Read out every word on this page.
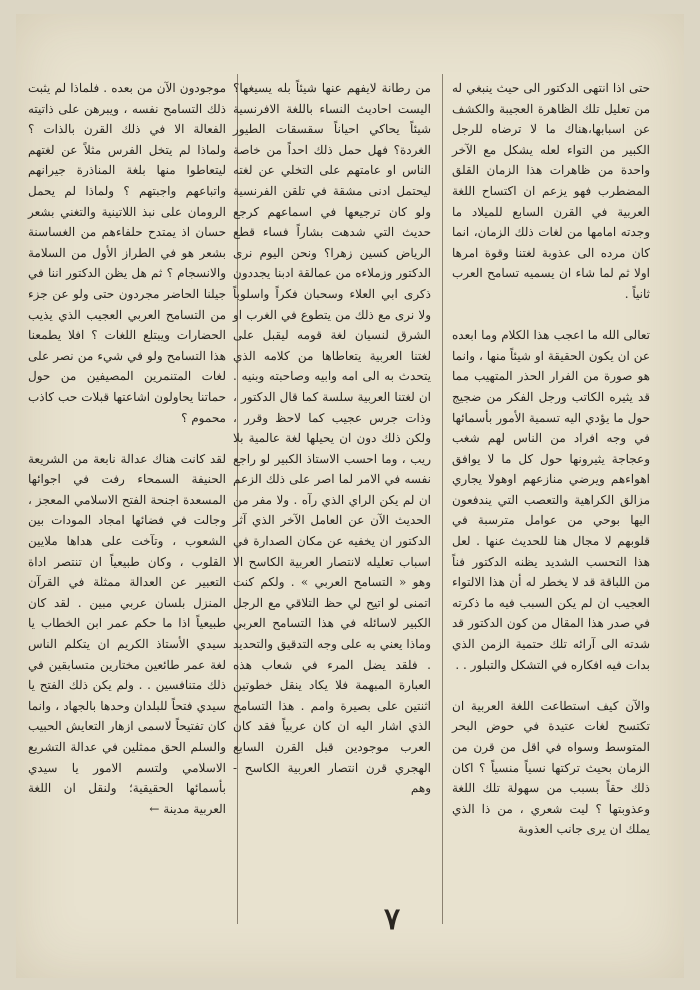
حتى اذا انتهى الدكتور الى حيث ينبغي له من تعليل تلك الظاهرة العجيبة والكشف عن اسبابها،هناك ما لا ترضاه للرجل الكبير من التواء لعله يشكل مع الآخر واحدة من ظاهرات هذا الزمان القلق المضطرب فهو يزعم ان اكتساح اللغة العربية في القرن السابع للميلاد ما وجدته امامها من لغات ذلك الزمان، انما كان مرده الى عذوبة لغتنا وقوة امرها اولا ثم لما شاء ان يسميه تسامح العرب ثانياً .

تعالى الله ما اعجب هذا الكلام وما ابعده عن ان يكون الحقيقة او شيئاً منها ، وانما هو صورة من الفرار الحذر المتهيب مما قد يثيره الكاتب ورجل الفكر من ضجيج حول ما يؤدي اليه تسمية الأمور بأسمائها في وجه افراد من الناس لهم شغب وعجاجة يثيرونها حول كل ما لا يوافق اهواءهم ويرضي منازعهم اوهولا يجاري مزالق الكراهية والتعصب التي يندفعون اليها بوحي من عوامل مترسبة في قلوبهم لا مجال هنا للحديث عنها . لعل هذا التحسب الشديد يظنه الدكتور فناً من اللباقة قد لا يخطر له أن هذا الالتواء العجيب ان لم يكن السبب فيه ما ذكرته في صدر هذا المقال من كون الدكتور قد شدته الى آرائه تلك حتمية الزمن الذي بدات فيه افكاره في التشكل والتبلور . .

والآن كيف استطاعت اللغة العربية ان تكتسح لغات عتيدة في حوض البحر المتوسط وسواه في اقل من قرن من الزمان بحيث تركتها نسياً منسياً ؟ اكان ذلك حقاً بسبب من سهولة تلك اللغة وعذوبتها ؟ ليت شعري ، من ذا الذي يملك ان يرى جانب العذوبة
من رطانة لايفهم عنها شيئاً بله يسيغها؟ اليست احاديث النساء باللغة الافرنسية شيئاً يحاكي احياناً سقسقات الطيور الغردة؟ فهل حمل ذلك احداً من خاصة الناس او عامتهم على التخلي عن لغته ليحتمل ادنى مشقة في تلقن الفرنسية ولو كان ترجيعها في اسماعهم كرجع حديث التي شدهت بشاراً فساء قطع الرياض كسين زهرا؟ ونحن اليوم نرى الدكتور وزملاءه من عمالقة ادبنا يجددون ذكرى ابي العلاء وسحبان فكراً واسلوباً ولا نرى مع ذلك من يتطوع في الغرب او الشرق لنسيان لغة قومه ليقبل على لغتنا العربية يتعاطاها من كلامه الذي يتحدث به الى امه وابيه وصاحبته وبنيه . ان لغتنا العربية سلسة كما قال الدكتور ، وذات جرس عجيب كما لاحظ وقرر ، ولكن ذلك دون ان يحيلها لغة عالمية بلا ريب ، وما احسب الاستاذ الكبير لو راجع نفسه في الامر لما اصر على ذلك الزعم ان لم يكن الراي الذي رآه . ولا مفر من الحديث الآن عن العامل الآخر الذي آثر الدكتور ان يخفيه عن مكان الصدارة في اسباب تعليله لانتصار العربية الكاسح الا وهو « التسامح العربي » . ولكم كنت اتمنى لو اتيح لي حظ التلاقي مع الرجل الكبير لاسائله في هذا التسامح العربي وماذا يعني به على وجه التدقيق والتحديد . فلقد يضل المرء في شعاب هذه العبارة المبهمة فلا يكاد ينقل خطوتين اثنتين على بصيرة وامم . هذا التسامح الذي اشار اليه ان كان عربياً فقد كان العرب موجودين قبل القرن السابع الهجري قرن انتصار العربية الكاسح - وهم
موجودون الآن من بعده . فلماذا لم يثبت ذلك التسامح نفسه ، ويبرهن على ذاتيته الفعالة الا في ذلك القرن بالذات ؟ ولماذا لم يتخل الفرس مثلاً عن لغتهم ليتعاطوا منها بلغة المناذرة جيرانهم واتباعهم واجبتهم ؟ ولماذا لم يحمل الرومان على نبذ اللاتينية والتغني بشعر حسان اذ يمتدح حلفاءهم من الغساسنة بشعر هو في الطراز الأول من السلامة والانسجام ؟ ثم هل يظن الدكتور اننا في جيلنا الحاضر مجردون حتى ولو عن جزء من التسامح العربي العجيب الذي يذيب الحضارات ويبتلع اللغات ؟ افلا يطمعنا هذا التسامح ولو في شيء من نصر على لغات المتنمرين المصيفين من حول حماتنا يحاولون اشاعتها قبلات حب كاذب محموم ؟

لقد كانت هناك عدالة نابعة من الشريعة الحنيفة السمحاء رفت في اجوائها المسعدة اجنحة الفتح الاسلامي المعجز ، وجالت في فضائها امجاد المودات بين الشعوب ، وتآخت على هداها ملايين القلوب ، وكان طبيعياً ان تنتصر اداة التعبير عن العدالة ممثلة في القرآن المنزل بلسان عربي مبين . لقد كان طبيعياً اذا ما حكم عمر ابن الخطاب يا سيدي الأستاذ الكريم ان يتكلم الناس لغة عمر طائعين مختارين متسابقين في ذلك متنافسين . . ولم يكن ذلك الفتح يا سيدي فتحاً للبلدان وحدها بالجهاد ، وانما كان تفتيحاً لاسمى ازهار التعايش الحبيب والسلم الحق ممثلين في عدالة التشريع الاسلامي ولتسم الامور يا سيدي بأسمائها الحقيقية؛ ولنقل ان اللغة العربية مدينة ←
٧
